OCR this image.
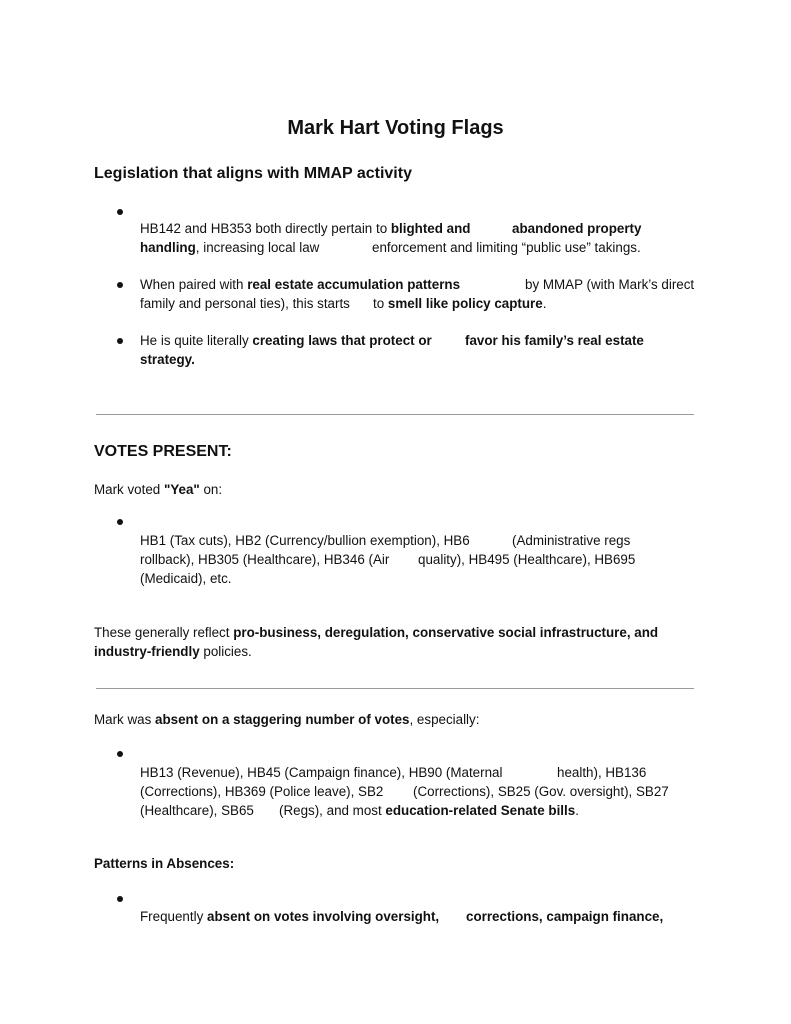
Mark Hart Voting Flags
Legislation that aligns with MMAP activity
HB142 and HB353 both directly pertain to blighted and	abandoned property
handling, increasing local law	enforcement and limiting “public use” takings.
When paired with real estate accumulation patterns	by MMAP (with Mark’s direct
family and personal ties), this starts to smell like policy capture.
He is quite literally creating laws that protect or favor his family’s real estate
strategy.
VOTES PRESENT:
Mark voted "Yea" on:
HB1 (Tax cuts), HB2 (Currency/bullion exemption), HB6	(Administrative regs
rollback), HB305 (Healthcare), HB346 (Air quality), HB495 (Healthcare), HB695
(Medicaid), etc.
These generally reflect pro-business, deregulation, conservative social infrastructure, and
industry-friendly policies.
Mark was absent on a staggering number of votes, especially:
HB13 (Revenue), HB45 (Campaign finance), HB90 (Maternal	health), HB136
(Corrections), HB369 (Police leave), SB2 (Corrections), SB25 (Gov. oversight), SB27
(Healthcare), SB65 (Regs), and most education-related Senate bills.
Patterns in Absences:
Frequently absent on votes involving oversight, corrections, campaign finance,
